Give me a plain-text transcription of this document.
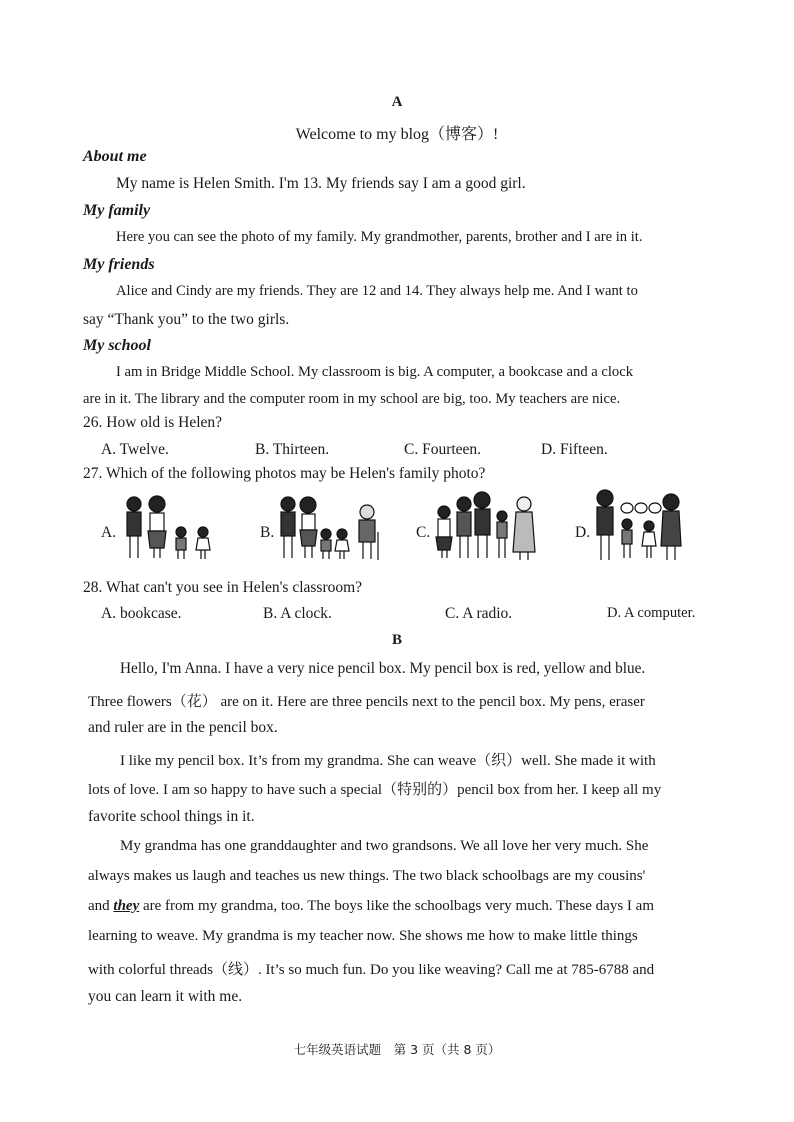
A
Welcome to my blog（博客）!
About me
My name is Helen Smith. I'm 13. My friends say I am a good girl.
My family
Here you can see the photo of my family. My grandmother, parents, brother and I are in it.
My friends
Alice and Cindy are my friends. They are 12 and 14. They always help me. And I want to
say “Thank you” to the two girls.
My school
I am in Bridge Middle School. My classroom is big. A computer, a bookcase and a clock
are in it. The library and the computer room in my school are big, too. My teachers are nice.
26. How old is Helen?
A. Twelve.	B. Thirteen.	C. Fourteen.	D. Fifteen.
27. Which of the following photos may be Helen's family photo?
A.	B.	C.	D.
28. What can't you see in Helen's classroom?
A. bookcase.	B. A clock.	C. A radio.	D. A computer.
B
Hello, I'm Anna. I have a very nice pencil box. My pencil box is red, yellow and blue.
Three flowers（花） are on it. Here are three pencils next to the pencil box. My pens, eraser
and ruler are in the pencil box.
I like my pencil box. It’s from my grandma. She can weave（织）well. She made it with
lots of love. I am so happy to have such a special（特别的）pencil box from her. I keep all my
favorite school things in it.
My grandma has one granddaughter and two grandsons. We all love her very much. She
always makes us laugh and teaches us new things. The two black schoolbags are my cousins'
and they are from my grandma, too. The boys like the schoolbags very much. These days I am
learning to weave. My grandma is my teacher now. She shows me how to make little things
with colorful threads（线）. It’s so much fun. Do you like weaving? Call me at 785-6788 and
you can learn it with me.
七年级英语试题　第 3 页（共 8 页）
